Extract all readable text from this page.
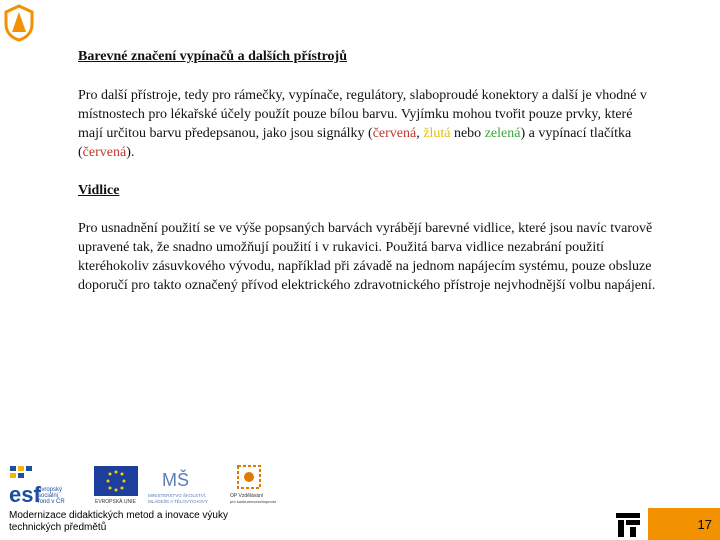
Barevné značení vypínačů a dalších přístrojů

Pro další přístroje, tedy pro rámečky, vypínače, regulátory, slaboproudé konektory a další je vhodné v místnostech pro lékařské účely použít pouze bílou barvu. Vyjímku mohou tvořit pouze prvky, které mají určitou barvu předepsanou, jako jsou signálky (červená, žlutá nebo zelená) a vypínací tlačítka (červená).

Vidlice

Pro usnadnění použití se ve výše popsaných barvách vyrábějí barevné vidlice, které jsou navíc tvarově upravené tak, že snadno umožňují použití i v rukavici. Použitá barva vidlice nezabrání použití kteréhokoliv zásuvkového vývodu, například při závadě na jednom napájecím systému, pouze obsluze doporučí pro takto označený přívod elektrického zdravotnického přístroje nejvhodnější volbu napájení.

esf
evropský
sociální
fond v ČR	EVROPSKÁ UNIE
MŠ
MINISTERSTVO ŠKOLSTVÍ,
MLÁDEŽE A TĚLOVÝCHOVY
OP Vzdělávání
pro konkurenceschopnost
Modernizace didaktických metod a inovace výuky technických předmětů	17
